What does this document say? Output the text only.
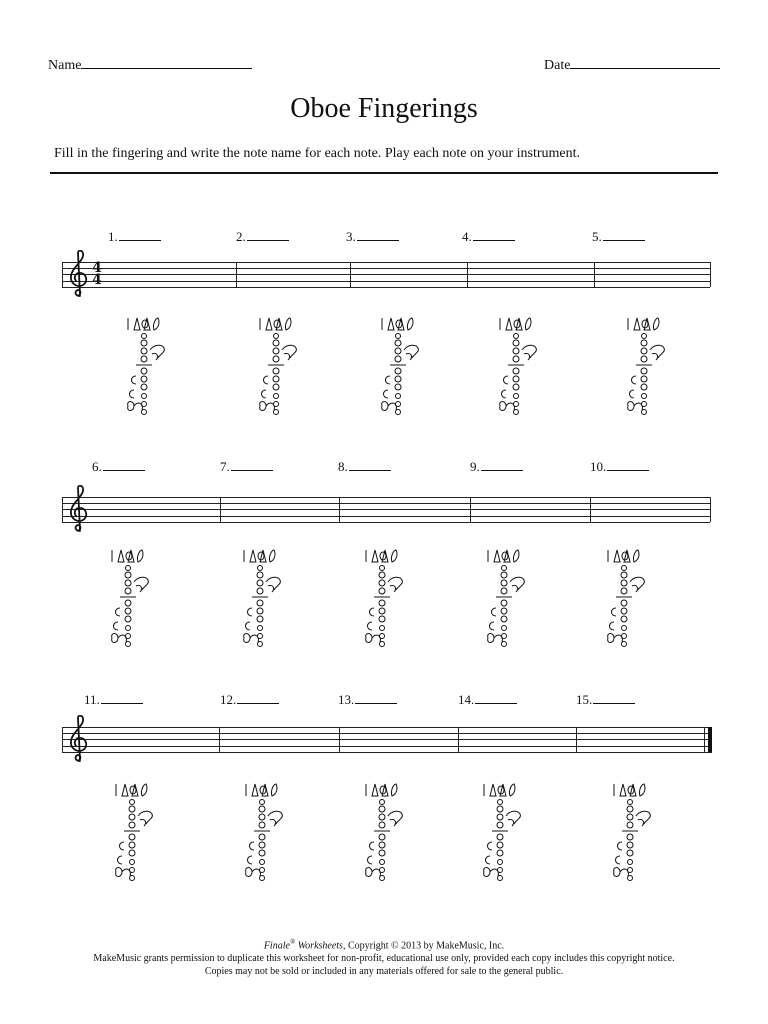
Name	Date
Oboe Fingerings
Fill in the fingering and write the note name for each note. Play each note on your instrument.
1.	2.	3.	4.	5.
4
4
6.	7.	8.	9.	10.
11.	12.	13.	14.	15.
Finale® Worksheets, Copyright © 2013 by MakeMusic, Inc.
MakeMusic grants permission to duplicate this worksheet for non-profit, educational use only, provided each copy includes this copyright notice.
Copies may not be sold or included in any materials offered for sale to the general public.
